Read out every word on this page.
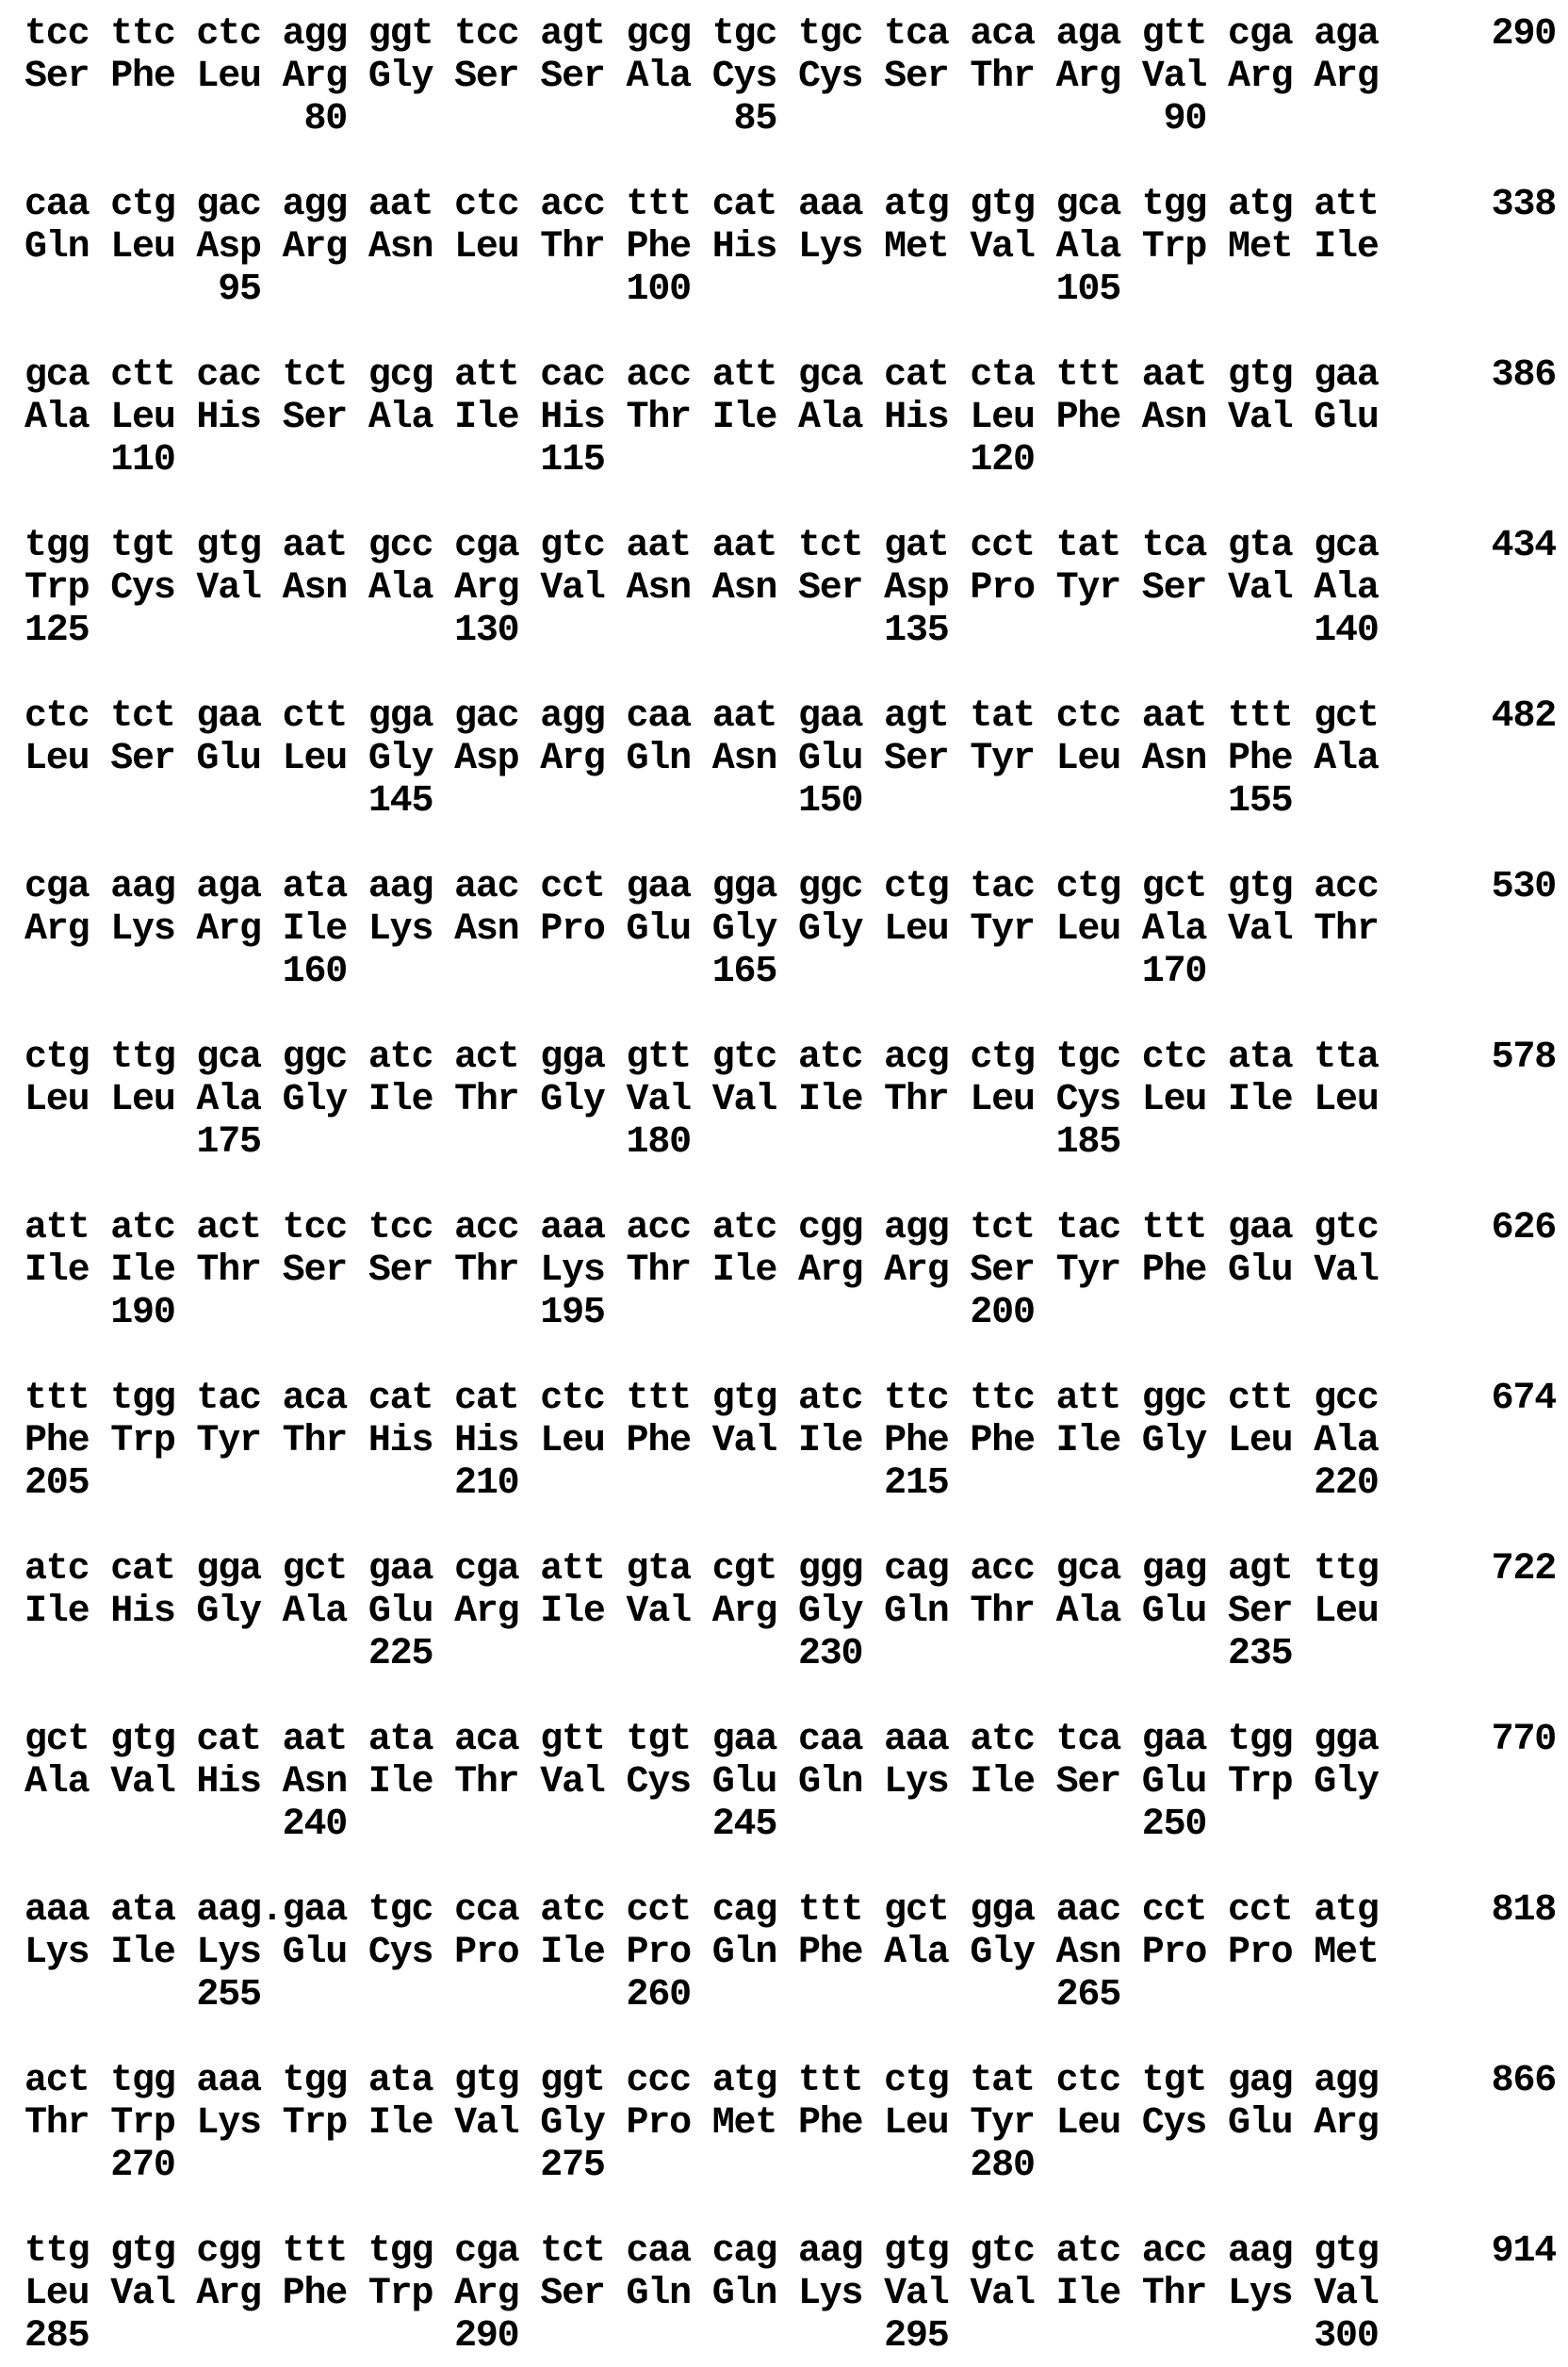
tcc ttc ctc agg ggt tcc agt gcg tgc tgc tca aca aga gtt cga aga	290
Ser Phe Leu Arg Gly Ser Ser Ala Cys Cys Ser Thr Arg Val Arg Arg
80                  85                  90
caa ctg gac agg aat ctc acc ttt cat aaa atg gtg gca tgg atg att	338
Gln Leu Asp Arg Asn Leu Thr Phe His Lys Met Val Ala Trp Met Ile
95                 100                 105
gca ctt cac tct gcg att cac acc att gca cat cta ttt aat gtg gaa	386
Ala Leu His Ser Ala Ile His Thr Ile Ala His Leu Phe Asn Val Glu
110                 115                 120
tgg tgt gtg aat gcc cga gtc aat aat tct gat cct tat tca gta gca	434
Trp Cys Val Asn Ala Arg Val Asn Asn Ser Asp Pro Tyr Ser Val Ala
125                 130                 135                 140
ctc tct gaa ctt gga gac agg caa aat gaa agt tat ctc aat ttt gct	482
Leu Ser Glu Leu Gly Asp Arg Gln Asn Glu Ser Tyr Leu Asn Phe Ala
145                 150                 155
cga aag aga ata aag aac cct gaa gga ggc ctg tac ctg gct gtg acc	530
Arg Lys Arg Ile Lys Asn Pro Glu Gly Gly Leu Tyr Leu Ala Val Thr
160                 165                 170
ctg ttg gca ggc atc act gga gtt gtc atc acg ctg tgc ctc ata tta	578
Leu Leu Ala Gly Ile Thr Gly Val Val Ile Thr Leu Cys Leu Ile Leu
175                 180                 185
att atc act tcc tcc acc aaa acc atc cgg agg tct tac ttt gaa gtc	626
Ile Ile Thr Ser Ser Thr Lys Thr Ile Arg Arg Ser Tyr Phe Glu Val
190                 195                 200
ttt tgg tac aca cat cat ctc ttt gtg atc ttc ttc att ggc ctt gcc	674
Phe Trp Tyr Thr His His Leu Phe Val Ile Phe Phe Ile Gly Leu Ala
205                 210                 215                 220
atc cat gga gct gaa cga att gta cgt ggg cag acc gca gag agt ttg	722
Ile His Gly Ala Glu Arg Ile Val Arg Gly Gln Thr Ala Glu Ser Leu
225                 230                 235
gct gtg cat aat ata aca gtt tgt gaa caa aaa atc tca gaa tgg gga	770
Ala Val His Asn Ile Thr Val Cys Glu Gln Lys Ile Ser Glu Trp Gly
240                 245                 250
aaa ata aag.gaa tgc cca atc cct cag ttt gct gga aac cct cct atg	818
Lys Ile Lys Glu Cys Pro Ile Pro Gln Phe Ala Gly Asn Pro Pro Met
255                 260                 265
act tgg aaa tgg ata gtg ggt ccc atg ttt ctg tat ctc tgt gag agg	866
Thr Trp Lys Trp Ile Val Gly Pro Met Phe Leu Tyr Leu Cys Glu Arg
270                 275                 280
ttg gtg cgg ttt tgg cga tct caa cag aag gtg gtc atc acc aag gtg	914
Leu Val Arg Phe Trp Arg Ser Gln Gln Lys Val Val Ile Thr Lys Val
285                 290                 295                 300
